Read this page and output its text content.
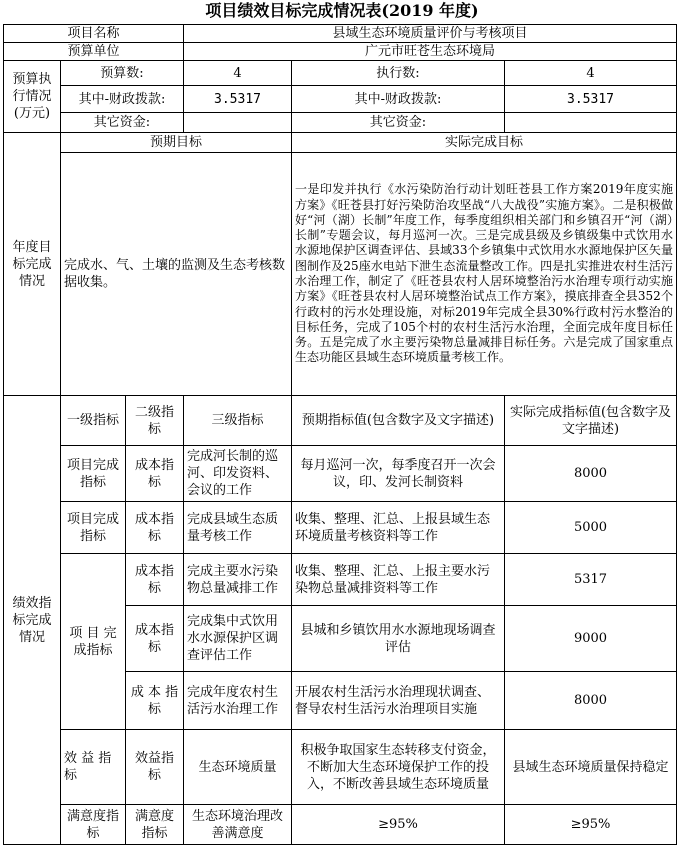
项目绩效目标完成情况表(2019 年度)
项目名称			县域生态环境质量评价与考核项目		
预算单位			广元市旺苍生态环境局		
预算执行情况(万元)	预算数:		4	执行数:	4
	其中-财政拨款:		3.5317	其中-财政拨款:	3.5317
	其它资金:			其它资金:	
年度目标完成情况	预期目标			实际完成目标	
	完成水、气、土壤的监测及生态考核数据收集。			一是印发并执行《水污染防治行动计划旺苍县工作方案2019年度实施方案》《旺苍县打好污染防治攻坚战“八大战役”实施方案》。二是积极做好“河（湖）长制”年度工作，每季度组织相关部门和乡镇召开“河（湖）长制”专题会议，每月巡河一次。三是完成县级及乡镇级集中式饮用水水源地保护区调查评估、县域33个乡镇集中式饮用水水源地保护区矢量图制作及25座水电站下泄生态流量整改工作。四是扎实推进农村生活污水治理工作，制定了《旺苍县农村人居环境整治污水治理专项行动实施方案》《旺苍县农村人居环境整治试点工作方案》，摸底排查全县352个行政村的污水处理设施，对标2019年完成全县30%行政村污水整治的目标任务，完成了105个村的农村生活污水治理，全面完成年度目标任务。五是完成了水主要污染物总量减排目标任务。六是完成了国家重点生态功能区县域生态环境质量考核工作。	
绩效指标完成情况	一级指标	二级指标	三级指标	预期指标值(包含数字及文字描述)	实际完成指标值(包含数字及文字描述)
	项目完成指标	成本指标	完成河长制的巡河、印发资料、会议的工作	每月巡河一次，每季度召开一次会议，印、发河长制资料	8000
	项目完成指标	成本指标	完成县域生态质量考核工作	收集、整理、汇总、上报县域生态环境质量考核资料等工作	5000
	项 目 完成指标	成本指标	完成主要水污染物总量减排工作	收集、整理、汇总、上报主要水污染物总量减排资料等工作	5317
		成本指标	完成集中式饮用水水源保护区调查评估工作	县城和乡镇饮用水水源地现场调查评估	9000
		成 本 指标	完成年度农村生活污水治理工作	开展农村生活污水治理现状调查、督导农村生活污水治理项目实施	8000
	效 益 指标	效益指标	生态环境质量	积极争取国家生态转移支付资金，不断加大生态环境保护工作的投入，不断改善县域生态环境质量	县域生态环境质量保持稳定
	满意度指标	满意度指标	生态环境治理改善满意度	≥95%	≥95%
